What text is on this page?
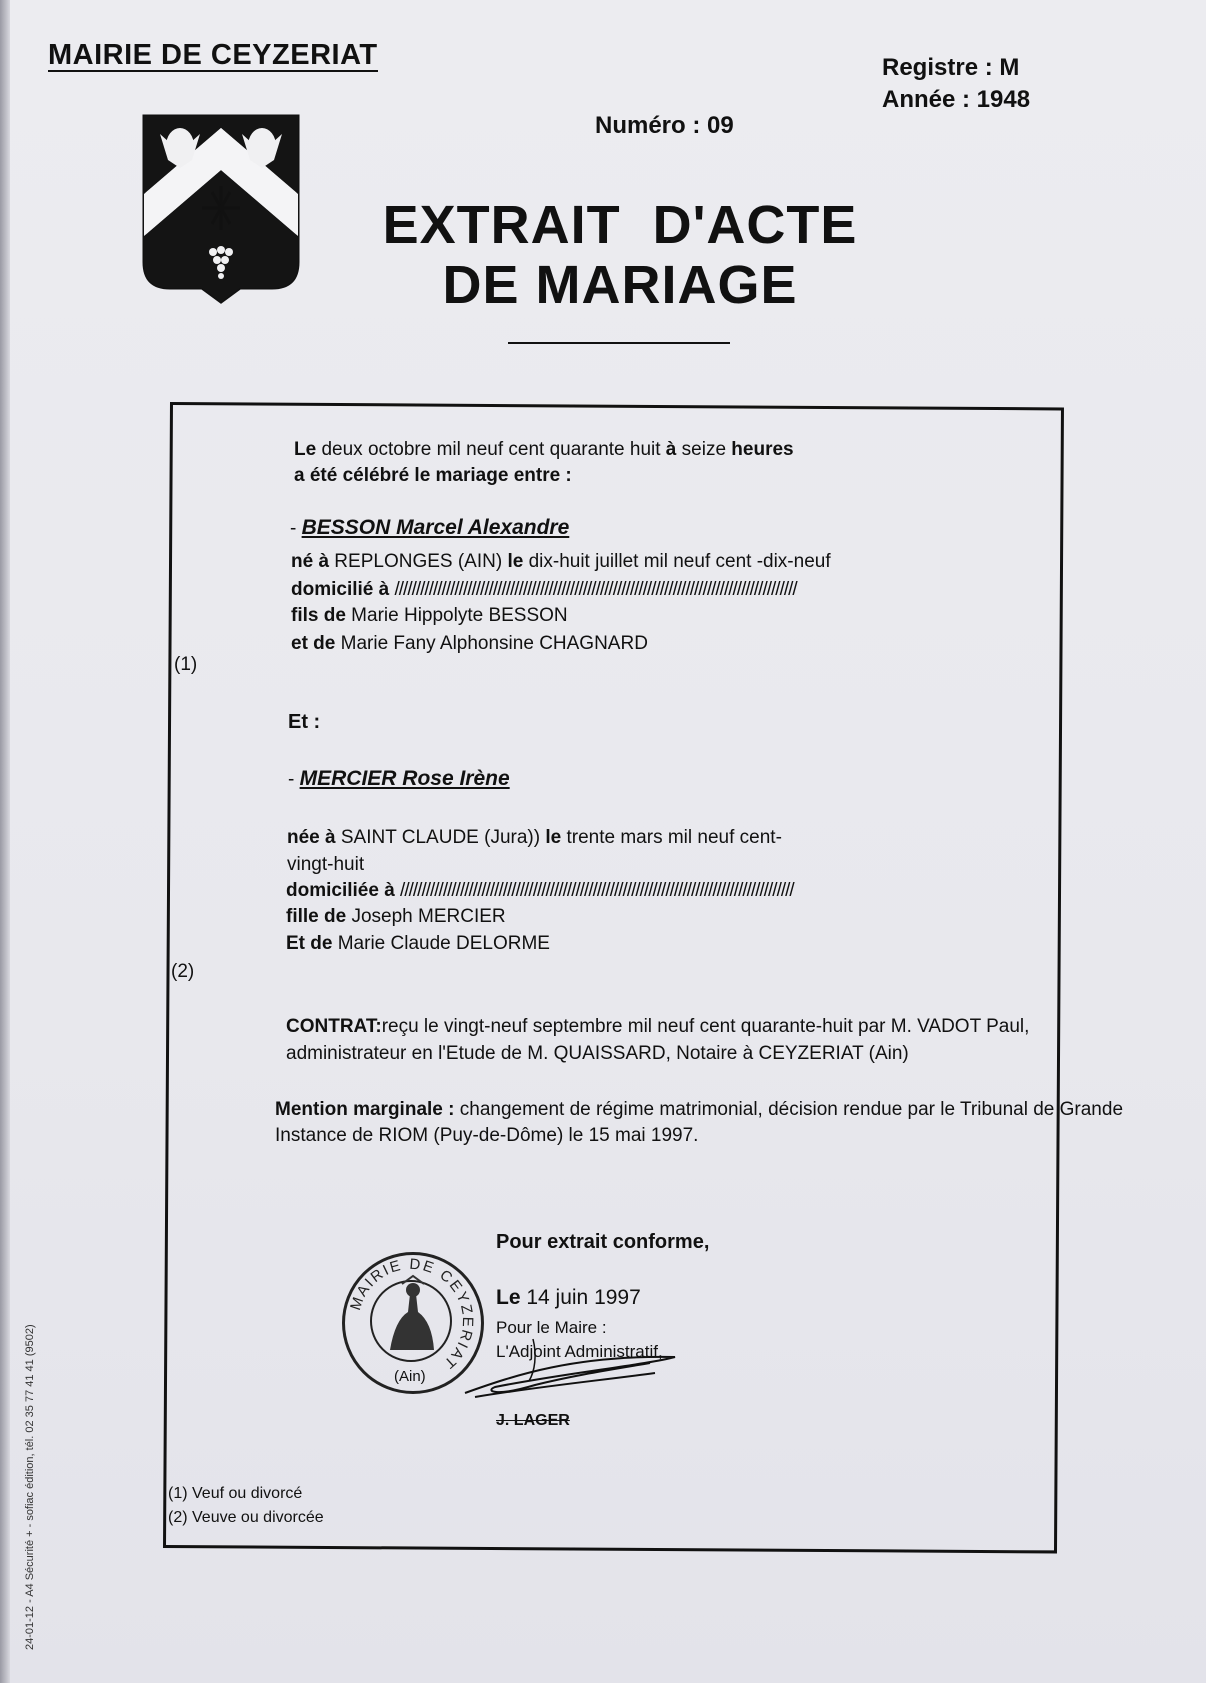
MAIRIE DE CEYZERIAT	Registre : M
Année : 1948
Numéro : 09
EXTRAIT  D'ACTE
DE MARIAGE
Le deux octobre mil neuf cent quarante huit à seize heures
a été célébré le mariage entre :
- BESSON Marcel Alexandre
né à REPLONGES (AIN) le dix-huit juillet mil neuf cent -dix-neuf
domicilié à //////////////////////////////////////////////////////////////////////////////////////////////
fils de Marie Hippolyte BESSON
et de Marie Fany Alphonsine CHAGNARD
(1)
Et :
- MERCIER Rose Irène
née à SAINT CLAUDE (Jura)) le trente mars mil neuf cent-
vingt-huit
domiciliée à ////////////////////////////////////////////////////////////////////////////////////////////
fille de Joseph MERCIER
Et de Marie Claude DELORME
(2)
CONTRAT:reçu le vingt-neuf septembre mil neuf cent quarante-huit par M. VADOT Paul,
administrateur en l'Etude de M. QUAISSARD, Notaire à CEYZERIAT (Ain)
Mention marginale : changement de régime matrimonial, décision rendue par le Tribunal de Grande
Instance de RIOM (Puy-de-Dôme) le 15 mai 1997.
Pour extrait conforme,
Le 14 juin 1997
Pour le Maire :
L'Adjoint Administratif,
MAIRIE DE CEYZERIAT
(Ain)
J. LAGER
(1) Veuf ou divorcé
(2) Veuve ou divorcée
24-01-12 - A4 Sécurité + - sofiac édition, tél. 02 35 77 41 41 (9502)
